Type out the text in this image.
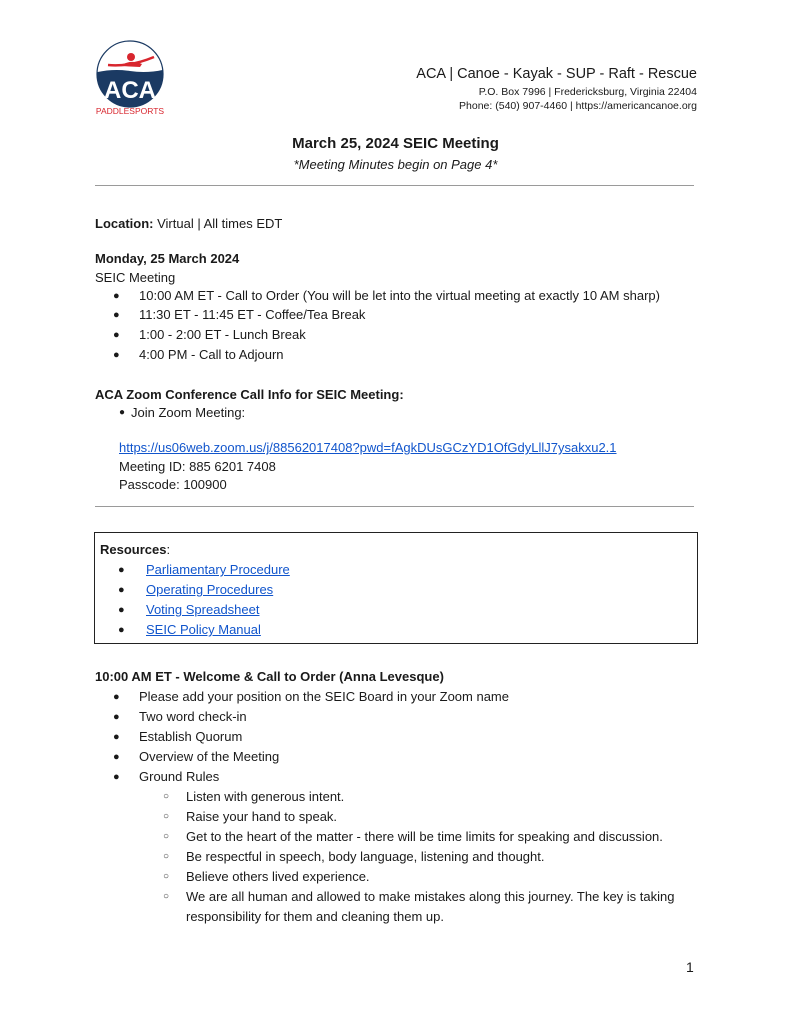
ACA
PADDLESPORTS
ACA | Canoe - Kayak - SUP - Raft - Rescue
P.O. Box 7996 | Fredericksburg, Virginia 22404
Phone: (540) 907-4460 | https://americancanoe.org
March 25, 2024 SEIC Meeting
*Meeting Minutes begin on Page 4*
Location: Virtual | All times EDT
Monday, 25 March 2024
SEIC Meeting
● 10:00 AM ET - Call to Order (You will be let into the virtual meeting at exactly 10 AM sharp)
● 11:30 ET - 11:45 ET - Coffee/Tea Break
● 1:00 - 2:00 ET - Lunch Break
● 4:00 PM - Call to Adjourn
ACA Zoom Conference Call Info for SEIC Meeting:
● Join Zoom Meeting:
https://us06web.zoom.us/j/88562017408?pwd=fAgkDUsGCzYD1OfGdyLllJ7ysakxu2.1
Meeting ID: 885 6201 7408
Passcode: 100900
Resources:
● Parliamentary Procedure
● Operating Procedures
● Voting Spreadsheet
● SEIC Policy Manual
10:00 AM ET - Welcome & Call to Order (Anna Levesque)
● Please add your position on the SEIC Board in your Zoom name
● Two word check-in
● Establish Quorum
● Overview of the Meeting
● Ground Rules
○ Listen with generous intent.
○ Raise your hand to speak.
○ Get to the heart of the matter - there will be time limits for speaking and discussion.
○ Be respectful in speech, body language, listening and thought.
○ Believe others lived experience.
○ We are all human and allowed to make mistakes along this journey. The key is taking
responsibility for them and cleaning them up.
1
